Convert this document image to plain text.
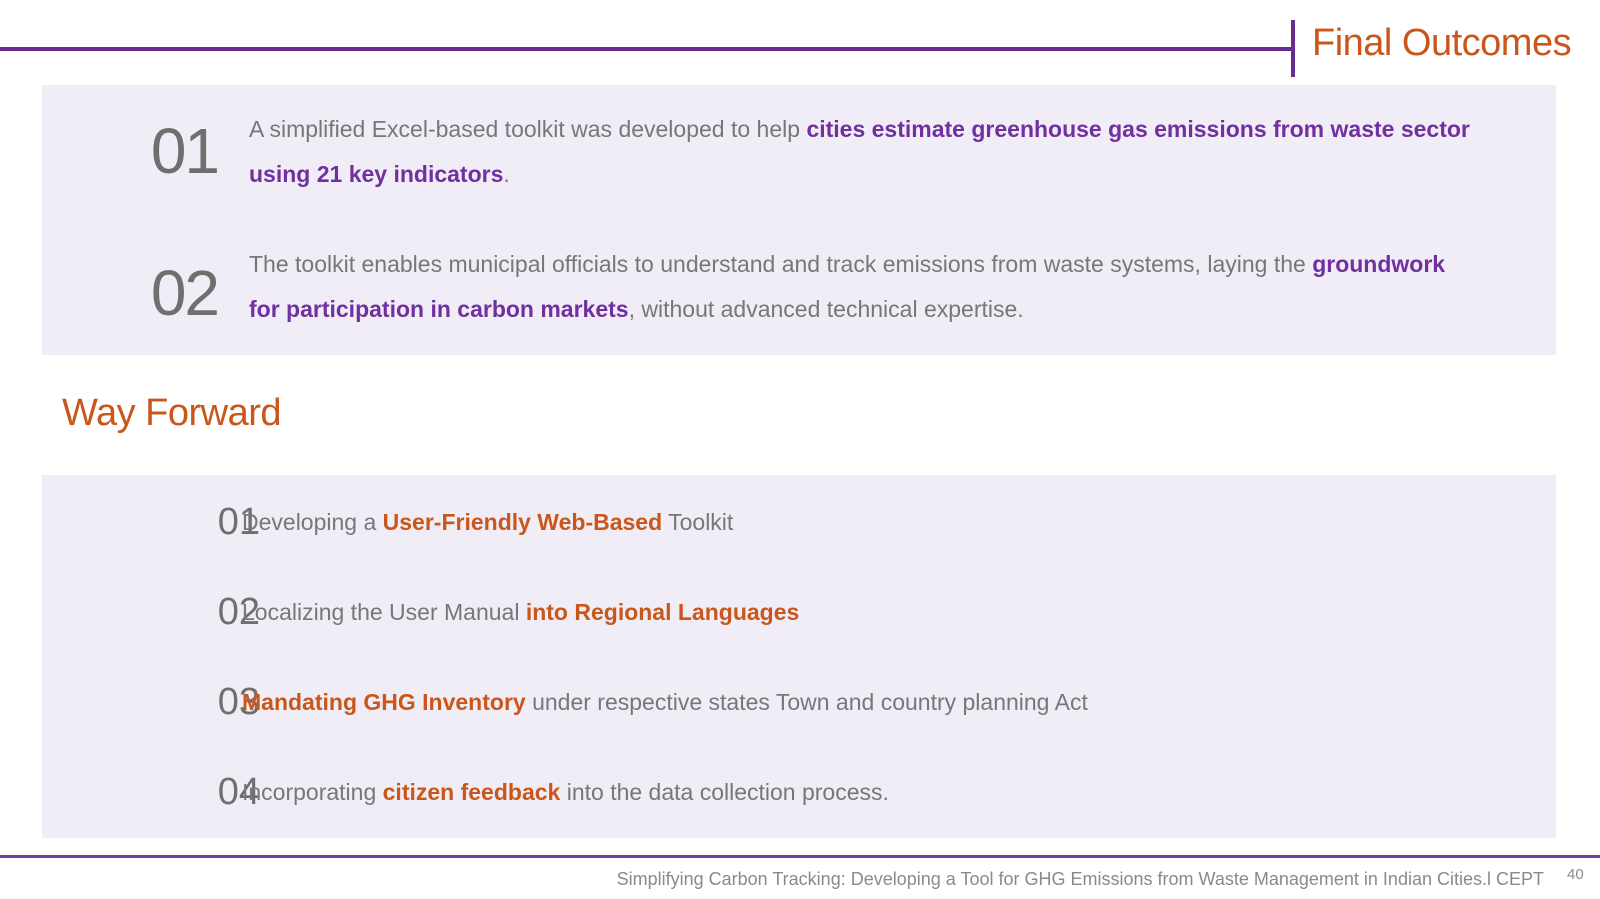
Final Outcomes
01 A simplified Excel-based toolkit was developed to help cities estimate greenhouse gas emissions from waste sector using 21 key indicators.
02 The toolkit enables municipal officials to understand and track emissions from waste systems, laying the groundwork for participation in carbon markets, without advanced technical expertise.
Way Forward
01
Developing a User-Friendly Web-Based Toolkit
02
Localizing the User Manual into Regional Languages
03
Mandating GHG Inventory under respective states Town and country planning Act
04
Incorporating citizen feedback into the data collection process.
Simplifying Carbon Tracking: Developing a Tool for GHG Emissions from Waste Management in Indian Cities.l CEPT 40
